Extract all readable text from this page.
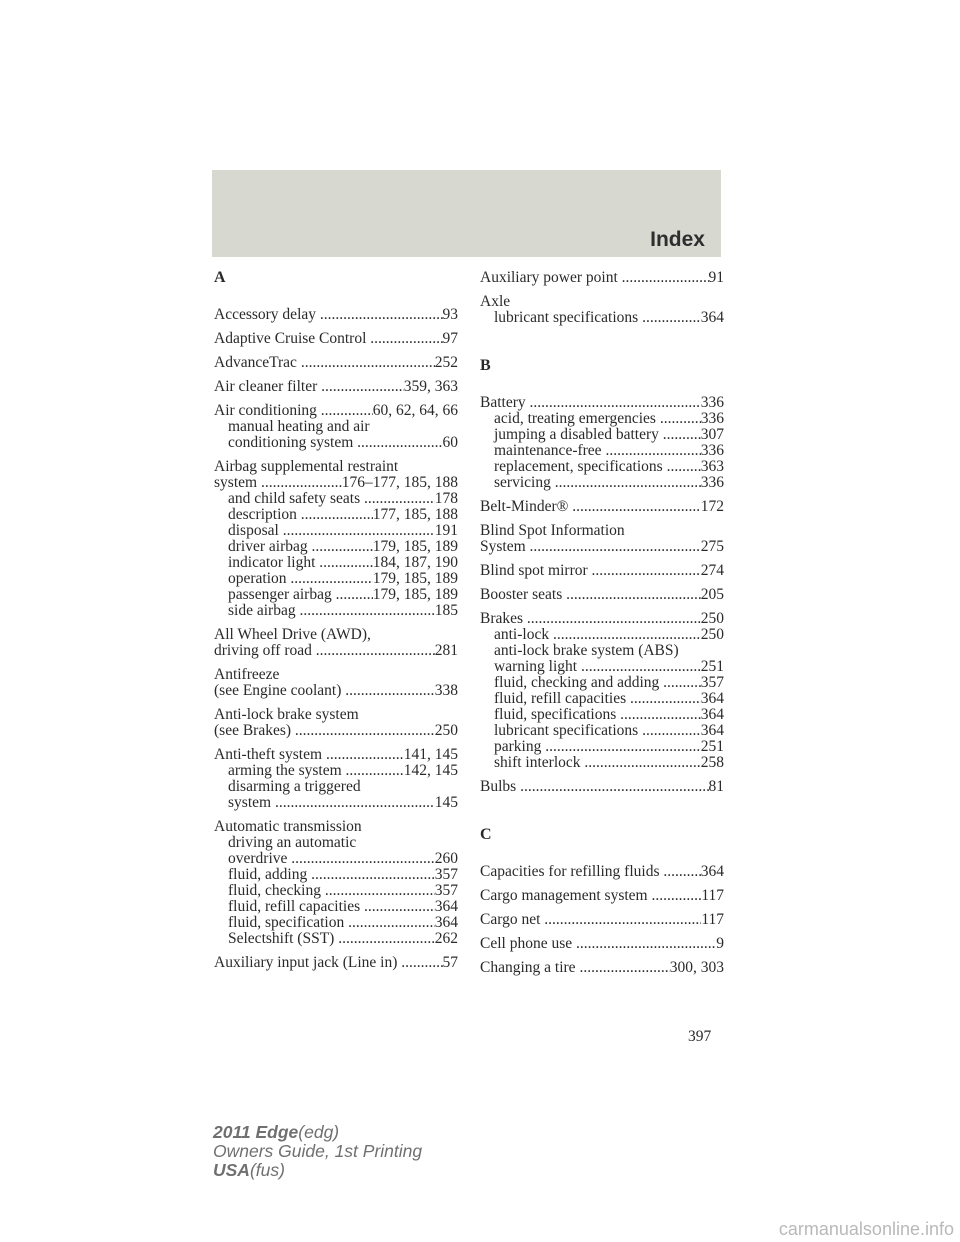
Index
A
Accessory delay .....	93
Adaptive Cruise Control .....	97
AdvanceTrac .....	252
Air cleaner filter .....	359, 363
Air conditioning .....	60, 62, 64, 66
manual heating and air
conditioning system .....	60
Airbag supplemental restraint
system .....	176–177, 185, 188
and child safety seats .....	178
description .....	177, 185, 188
disposal .....	191
driver airbag .....	179, 185, 189
indicator light .....	184, 187, 190
operation .....	179, 185, 189
passenger airbag ..... 179, 185, 189
side airbag .....	185
All Wheel Drive (AWD),
driving off road .....	281
Antifreeze
(see Engine coolant) .....	338
Anti-lock brake system
(see Brakes) .....	250
Anti-theft system .....	141, 145
arming the system .....	142, 145
disarming a triggered
system .....	145
Automatic transmission
driving an automatic
overdrive .....	260
fluid, adding .....	357
fluid, checking .....	357
fluid, refill capacities .....	364
fluid, specification .....	364
Selectshift (SST) .....	262
Auxiliary input jack (Line in) .....	57
Auxiliary power point .....	91
Axle
lubricant specifications .....	364
B
Battery .....	336
acid, treating emergencies .....	336
jumping a disabled battery ..... 307
maintenance-free .....	336
replacement, specifications ..... 363
servicing .....	336
Belt-Minder® .....	172
Blind Spot Information
System .....	275
Blind spot mirror .....	274
Booster seats .....	205
Brakes .....	250
anti-lock .....	250
anti-lock brake system (ABS)
warning light .....	251
fluid, checking and adding ..... 357
fluid, refill capacities .....	364
fluid, specifications .....	364
lubricant specifications .....	364
parking .....	251
shift interlock .....	258
Bulbs .....	81
C
Capacities for refilling fluids ..... 364
Cargo management system .....	117
Cargo net .....	117
Cell phone use .....	9
Changing a tire .....	300, 303
397
2011 Edge(edg)
Owners Guide, 1st Printing
USA(fus)
carmanualsonline.info
